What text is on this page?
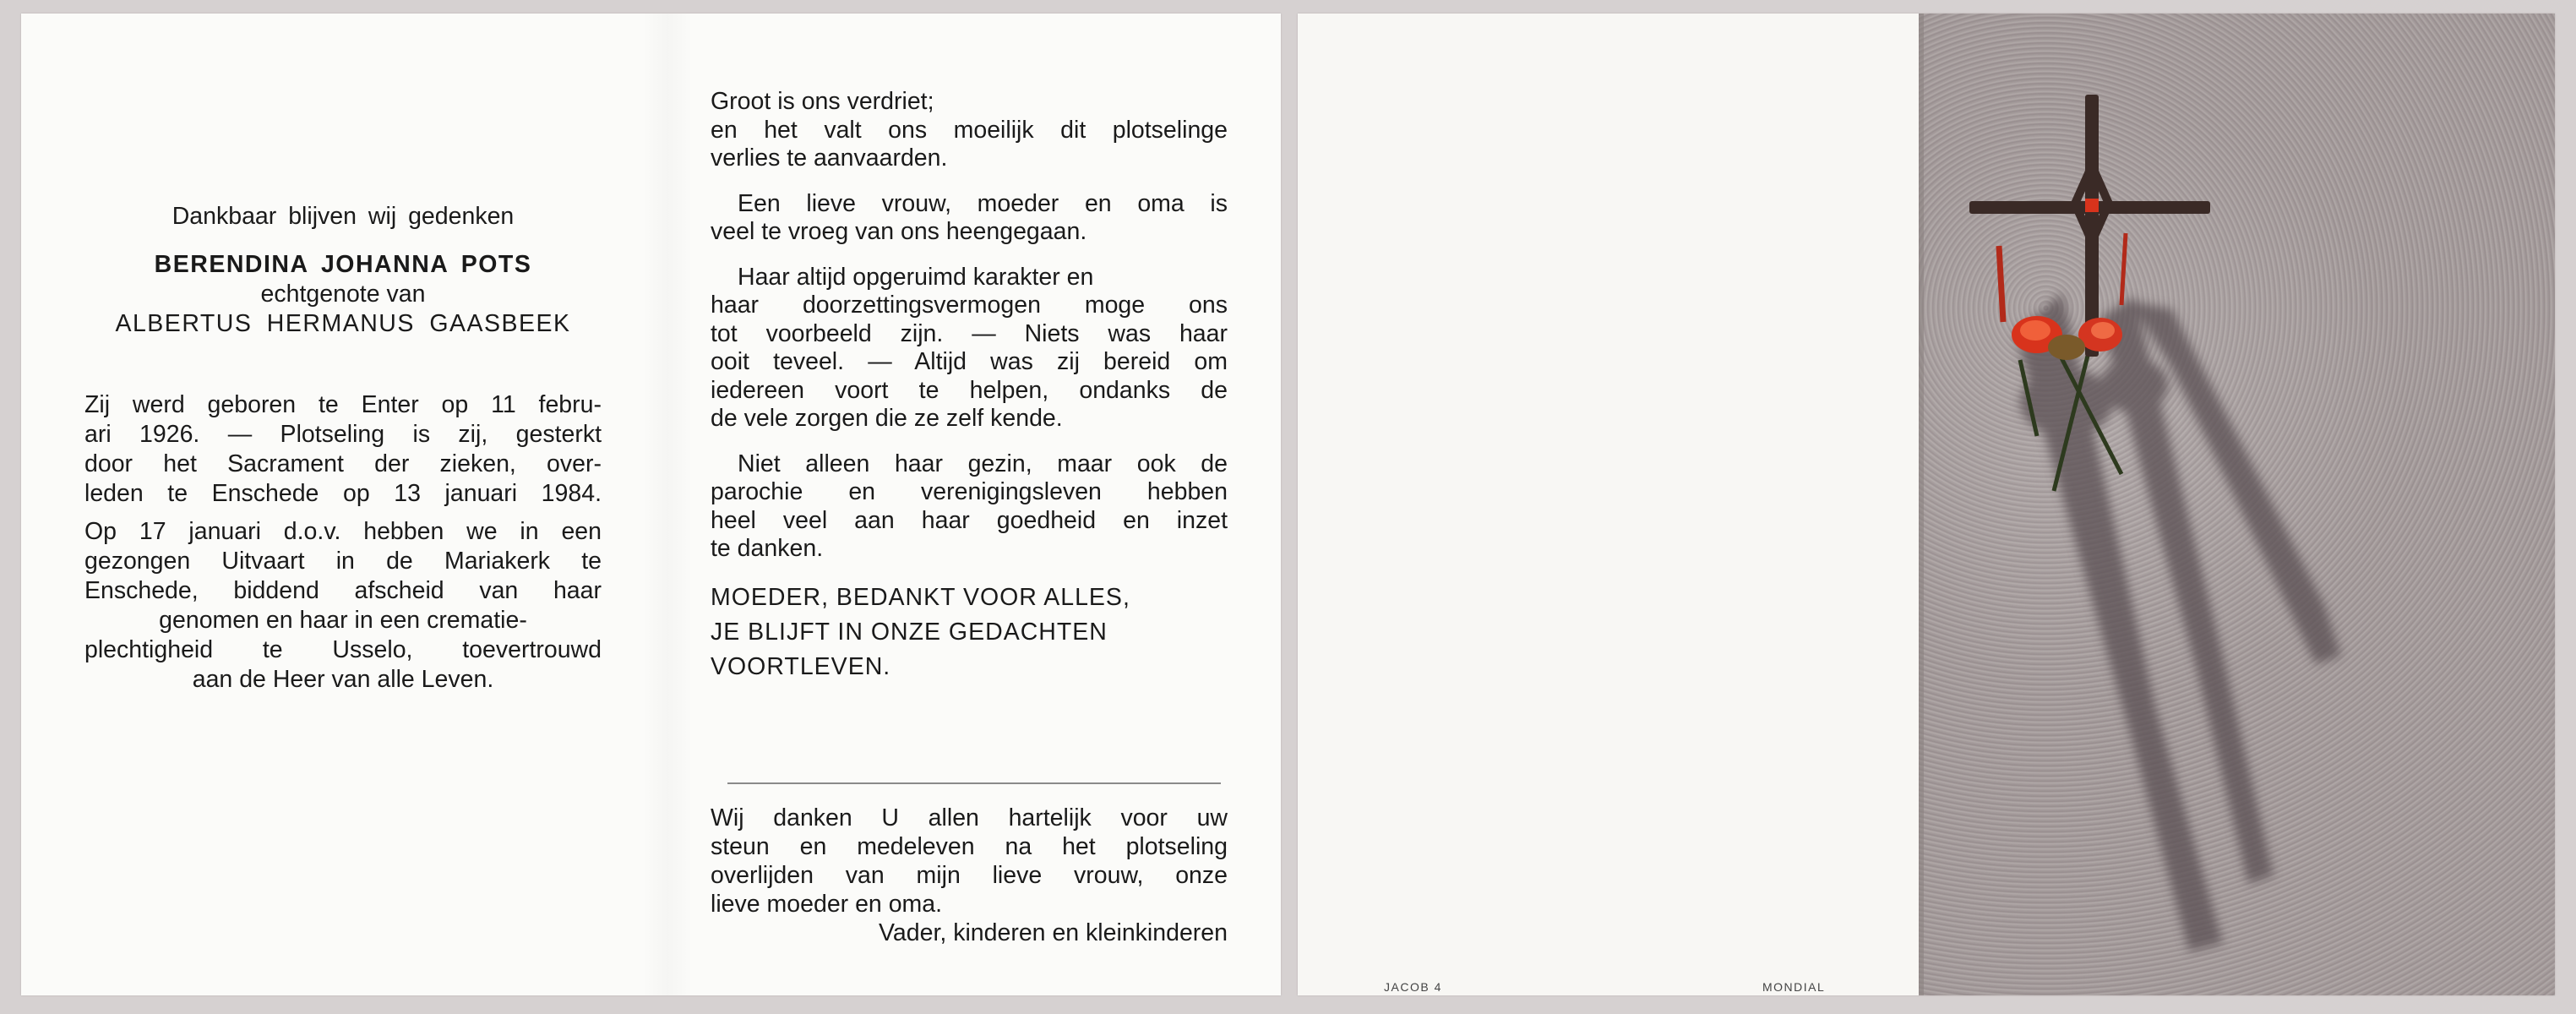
Dankbaar blijven wij gedenken

BERENDINA JOHANNA POTS

echtgenote van

ALBERTUS HERMANUS GAASBEEK

Zij werd geboren te Enter op 11 febru-
ari 1926. — Plotseling is zij, gesterkt
door het Sacrament der zieken, over-
leden te Enschede op 13 januari 1984.
Op 17 januari d.o.v. hebben we in een
gezongen Uitvaart in de Mariakerk te
Enschede, biddend afscheid van haar
genomen en haar in een crematie-
plechtigheid te Usselo, toevertrouwd
aan de Heer van alle Leven.

Groot is ons verdriet;
en het valt ons moeilijk dit plotselinge
verlies te aanvaarden.

Een lieve vrouw, moeder en oma is
veel te vroeg van ons heengegaan.

Haar altijd opgeruimd karakter en
haar doorzettingsvermogen moge ons
tot voorbeeld zijn. — Niets was haar
ooit teveel. — Altijd was zij bereid om
iedereen voort te helpen, ondanks de
de vele zorgen die ze zelf kende.

Niet alleen haar gezin, maar ook de
parochie en verenigingsleven hebben
heel veel aan haar goedheid en inzet
te danken.

MOEDER, BEDANKT VOOR ALLES,
JE BLIJFT IN ONZE GEDACHTEN
VOORTLEVEN.

Wij danken U allen hartelijk voor uw
steun en medeleven na het plotseling
overlijden van mijn lieve vrouw, onze
lieve moeder en oma.
Vader, kinderen en kleinkinderen
JACOB 4	MONDIAL
